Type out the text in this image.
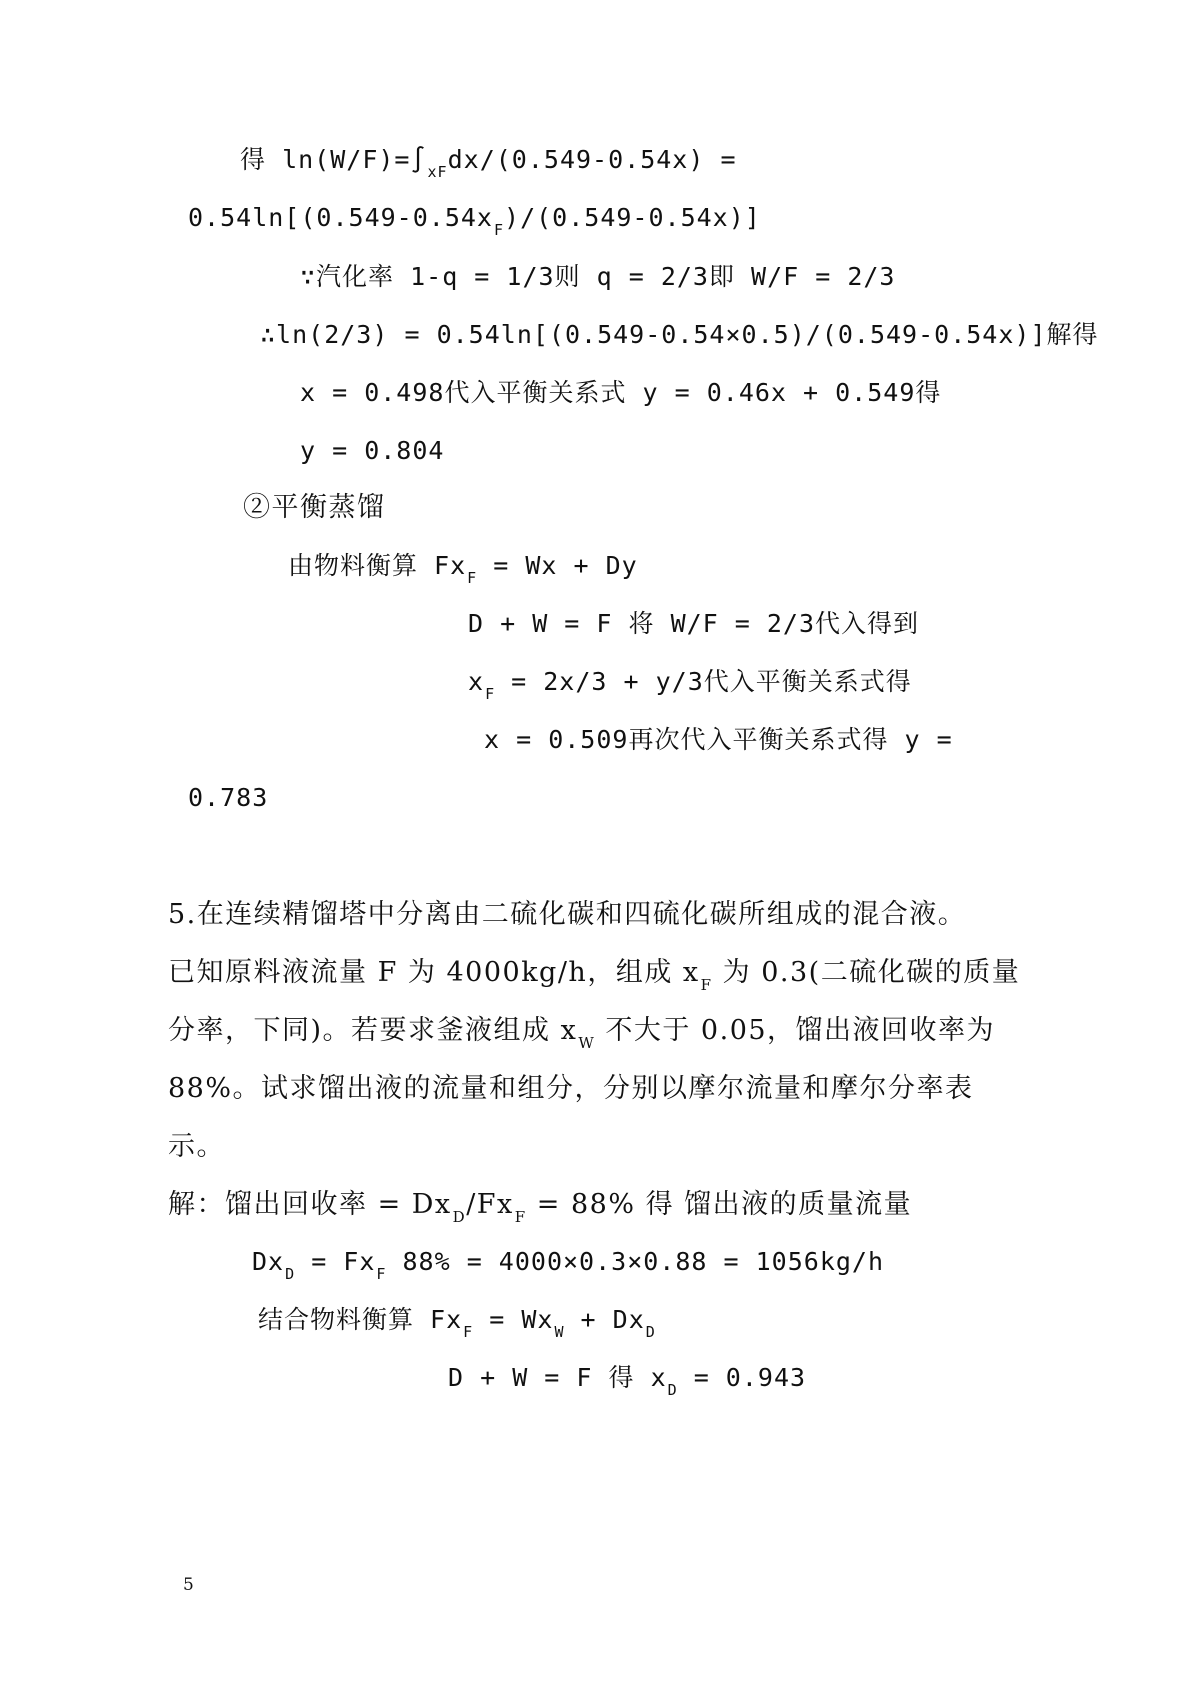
得 $\ln(W/F)=\int_{xF}dx/(0.549-0.54x)$ =
$0.54\ln[(0.549-0.54x_F)/(0.549-0.54x)]$
∵汽化率 1-q = 1/3则 q = 2/3即 W/F = 2/3
∴ln(2/3) = 0.54ln[(0.549-0.54×0.5)/(0.549-0.54x)]解得
x = 0.498代入平衡关系式 y = 0.46x + 0.549得
y = 0.804
②平衡蒸馏
由物料衡算 $Fx_F = Wx + Dy$
D + W = F 将 W/F = 2/3代入得到
$x_F = 2x/3 + y/3$代入平衡关系式得
x = 0.509再次代入平衡关系式得 y =
0.783
5.在连续精馏塔中分离由二硫化碳和四硫化碳所组成的混合液。
已知原料液流量 F 为 4000kg/h，组成 $x_F$ 为 0.3(二硫化碳的质量
分率，下同)。若要求釜液组成 $x_W$ 不大于 0.05，馏出液回收率为
88%。试求馏出液的流量和组分，分别以摩尔流量和摩尔分率表
示。
解：馏出回收率 = $Dx_D/Fx_F = 88\%$ 得 馏出液的质量流量
$Dx_D = Fx_F$ 88% = 4000×0.3×0.88 = 1056kg/h
结合物料衡算 $Fx_F = Wx_W + Dx_D$
D + W = F 得 $x_D = 0.943$
5
